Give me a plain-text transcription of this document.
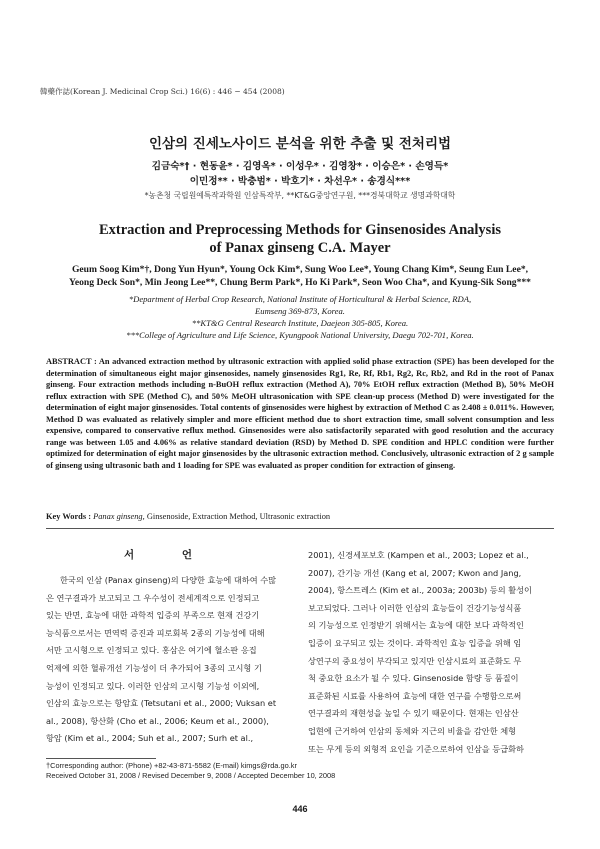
韓藥作誌(Korean J. Medicinal Crop Sci.) 16(6) : 446 − 454 (2008)
인삼의 진세노사이드 분석을 위한 추출 및 전처리법
김금숙*† · 현동윤* · 김영옥* · 이성우* · 김영창* · 이승은* · 손영득*
이민정** · 박충범* · 박호기* · 차선우* · 송경식***
*농촌청 국립원예특작과학원 인삼특작부, **KT&G중앙연구원, ***경북대학교 생명과학대학
Extraction and Preprocessing Methods for Ginsenosides Analysis
of Panax ginseng C.A. Mayer
Geum Soog Kim*†, Dong Yun Hyun*, Young Ock Kim*, Sung Woo Lee*, Young Chang Kim*, Seung Eun Lee*, Yeong Deck Son*, Min Jeong Lee**, Chung Berm Park*, Ho Ki Park*, Seon Woo Cha*, and Kyung-Sik Song***
*Department of Herbal Crop Research, National Institute of Horticultural & Herbal Science, RDA,
Eumseng 369-873, Korea.
**KT&G Central Research Institute, Daejeon 305-805, Korea.
***College of Agriculture and Life Science, Kyungpook National University, Daegu 702-701, Korea.
ABSTRACT : An advanced extraction method by ultrasonic extraction with applied solid phase extraction (SPE) has been developed for the determination of simultaneous eight major ginsenosides, namely ginsenosides Rg1, Re, Rf, Rb1, Rg2, Rc, Rb2, and Rd in the root of Panax ginseng. Four extraction methods including n-BuOH reflux extraction (Method A), 70% EtOH reflux extraction (Method B), 50% MeOH reflux extraction with SPE (Method C), and 50% MeOH ultrasonication with SPE clean-up process (Method D) were investigated for the determination of eight major ginsenosides. Total contents of ginsenosides were highest by extraction of Method C as 2.408 ± 0.011%. However, Method D was evaluated as relatively simpler and more efficient method due to short extraction time, small solvent consumption and less expensive, compared to conservative reflux method. Ginsenosides were also satisfactorily separated with good resolution and the accuracy range was between 1.05 and 4.06% as relative standard deviation (RSD) by Method D. SPE condition and HPLC condition were further optimized for determination of eight major ginsenosides by the ultrasonic extraction method. Conclusively, ultrasonic extraction of 2 g sample of ginseng using ultrasonic bath and 1 loading for SPE was evaluated as proper condition for extraction of ginseng.
Key Words : Panax ginseng, Ginsenoside, Extraction Method, Ultrasonic extraction
서 언

한국의 인삼 (Panax ginseng)의 다양한 효능에 대하여 수많

은 연구결과가 보고되고 그 우수성이 전세계적으로 인정되고

있는 반면, 효능에 대한 과학적 입증의 부족으로 현재 건강기

능식품으로서는 면역력 증진과 피로회복 2종의 기능성에 대해

서만 고시형으로 인정되고 있다. 홍삼은 여기에 혈소판 응집

억제에 의한 혈류개선 기능성이 더 추가되어 3종의 고시형 기

능성이 인정되고 있다. 이러한 인삼의 고시형 기능성 이외에,

인삼의 효능으로는 항암효 (Tetsutani et al., 2000; Vuksan et

al., 2008), 항산화 (Cho et al., 2006; Keum et al., 2000),

항암 (Kim et al., 2004; Suh et al., 2007; Surh et al.,

2001), 신경세포보호 (Kampen et al., 2003; Lopez et al.,

2007), 간기능 개선 (Kang et al, 2007; Kwon and Jang,

2004), 항스트레스 (Kim et al., 2003a; 2003b) 등의 활성이

보고되었다. 그러나 이러한 인삼의 효능들이 건강기능성식품

의 기능성으로 인정받기 위해서는 효능에 대한 보다 과학적인

입증이 요구되고 있는 것이다. 과학적인 효능 입증을 위해 임

상연구의 중요성이 부각되고 있지만 인삼시료의 표준화도 무

척 중요한 요소가 될 수 있다. Ginsenoside 함량 등 품질이

표준화된 시료를 사용하여 효능에 대한 연구를 수행함으로써

연구결과의 재현성을 높일 수 있기 때문이다. 현재는 인삼산

업현에 근거하여 인삼의 동체와 지근의 비율을 감안한 체형

또는 무게 등의 외형적 요인을 기준으로하여 인삼을 등급화하

†Corresponding author: (Phone) +82-43-871-5582 (E-mail) kimgs@rda.go.kr
Received October 31, 2008 / Revised December 9, 2008 / Accepted December 10, 2008
446
